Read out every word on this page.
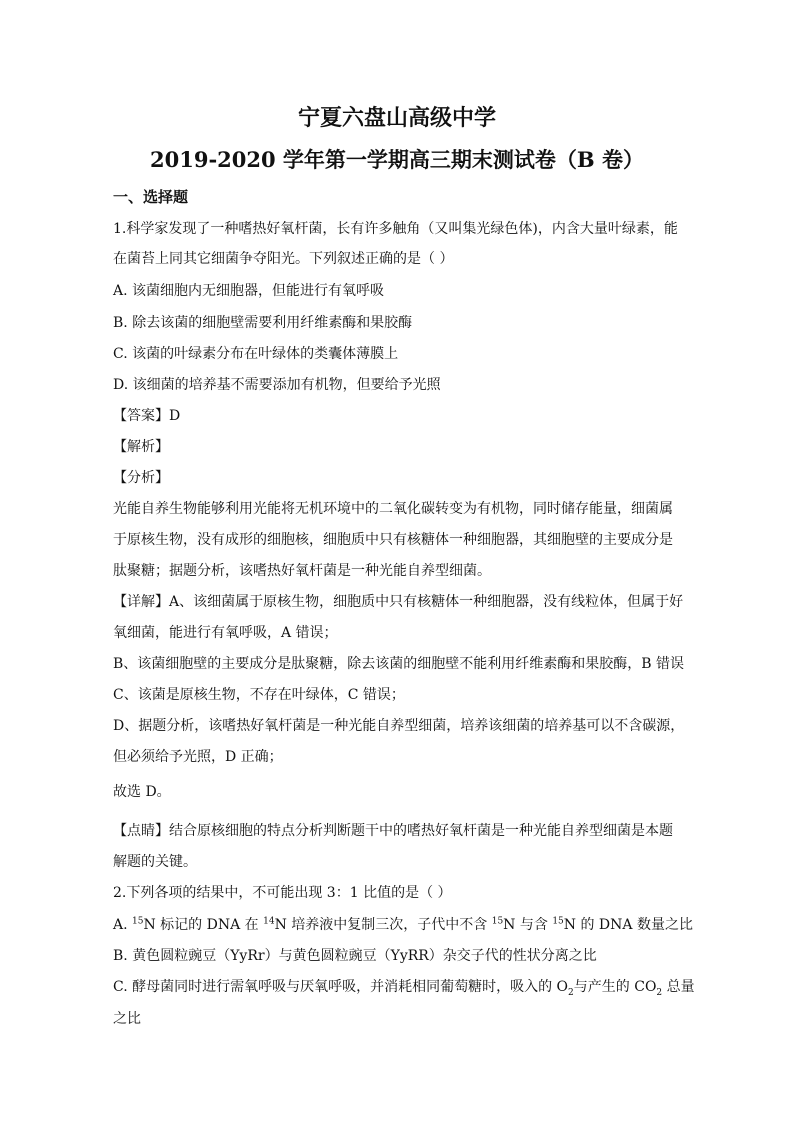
宁夏六盘山高级中学
2019-2020 学年第一学期高三期末测试卷（B 卷）
一、选择题
1.科学家发现了一种嗜热好氧杆菌，长有许多触角（又叫集光绿色体)，内含大量叶绿素，能
在菌苔上同其它细菌争夺阳光。下列叙述正确的是（ ）
A. 该菌细胞内无细胞器，但能进行有氧呼吸
B. 除去该菌的细胞壁需要利用纤维素酶和果胶酶
C. 该菌的叶绿素分布在叶绿体的类囊体薄膜上
D. 该细菌的培养基不需要添加有机物，但要给予光照
【答案】D
【解析】
【分析】
光能自养生物能够利用光能将无机环境中的二氧化碳转变为有机物，同时储存能量，细菌属
于原核生物，没有成形的细胞核，细胞质中只有核糖体一种细胞器，其细胞壁的主要成分是
肽聚糖；据题分析，该嗜热好氧杆菌是一种光能自养型细菌。
【详解】A、该细菌属于原核生物，细胞质中只有核糖体一种细胞器，没有线粒体，但属于好
氧细菌，能进行有氧呼吸，A 错误；
B、该菌细胞壁的主要成分是肽聚糖，除去该菌的细胞壁不能利用纤维素酶和果胶酶，B 错误
C、该菌是原核生物，不存在叶绿体，C 错误；
D、据题分析，该嗜热好氧杆菌是一种光能自养型细菌，培养该细菌的培养基可以不含碳源，
但必须给予光照，D 正确；
故选 D。
【点睛】结合原核细胞的特点分析判断题干中的嗜热好氧杆菌是一种光能自养型细菌是本题
解题的关键。
2.下列各项的结果中，不可能出现 3：1 比值的是（ ）
A. $^{15}$N 标记的 DNA 在 $^{14}$N 培养液中复制三次，子代中不含 $^{15}$N 与含 $^{15}$N 的 DNA 数量之比
B. 黄色圆粒豌豆（YyRr）与黄色圆粒豌豆（YyRR）杂交子代的性状分离之比
C. 酵母菌同时进行需氧呼吸与厌氧呼吸，并消耗相同葡萄糖时，吸入的 $O_2$与产生的 $CO_2$ 总量
之比
